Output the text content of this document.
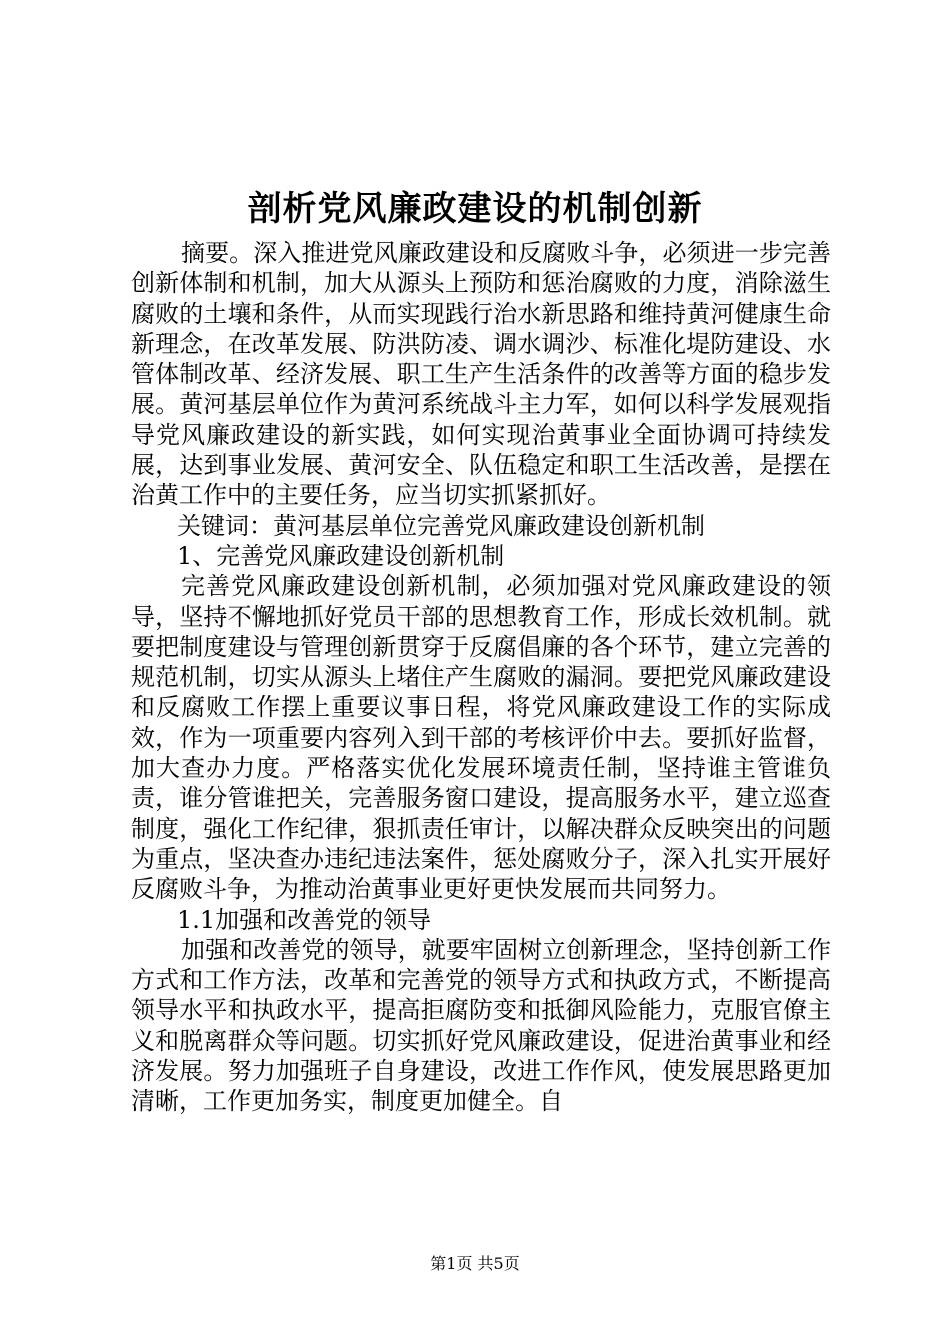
剖析党风廉政建设的机制创新

摘要。深入推进党风廉政建设和反腐败斗争，必须进一步完善创新体制和机制，加大从源头上预防和惩治腐败的力度，消除滋生腐败的土壤和条件，从而实现践行治水新思路和维持黄河健康生命新理念，在改革发展、防洪防凌、调水调沙、标准化堤防建设、水管体制改革、经济发展、职工生产生活条件的改善等方面的稳步发展。黄河基层单位作为黄河系统战斗主力军，如何以科学发展观指导党风廉政建设的新实践，如何实现治黄事业全面协调可持续发展，达到事业发展、黄河安全、队伍稳定和职工生活改善，是摆在治黄工作中的主要任务，应当切实抓紧抓好。

关键词：黄河基层单位完善党风廉政建设创新机制

1、完善党风廉政建设创新机制

完善党风廉政建设创新机制，必须加强对党风廉政建设的领导，坚持不懈地抓好党员干部的思想教育工作，形成长效机制。就要把制度建设与管理创新贯穿于反腐倡廉的各个环节，建立完善的规范机制，切实从源头上堵住产生腐败的漏洞。要把党风廉政建设和反腐败工作摆上重要议事日程，将党风廉政建设工作的实际成效，作为一项重要内容列入到干部的考核评价中去。要抓好监督，加大查办力度。严格落实优化发展环境责任制，坚持谁主管谁负责，谁分管谁把关，完善服务窗口建设，提高服务水平，建立巡查制度，强化工作纪律，狠抓责任审计，以解决群众反映突出的问题为重点，坚决查办违纪违法案件，惩处腐败分子，深入扎实开展好反腐败斗争，为推动治黄事业更好更快发展而共同努力。

1.1加强和改善党的领导

加强和改善党的领导，就要牢固树立创新理念，坚持创新工作方式和工作方法，改革和完善党的领导方式和执政方式，不断提高领导水平和执政水平，提高拒腐防变和抵御风险能力，克服官僚主义和脱离群众等问题。切实抓好党风廉政建设，促进治黄事业和经济发展。努力加强班子自身建设，改进工作作风，使发展思路更加清晰，工作更加务实，制度更加健全。自

第1页 共5页
